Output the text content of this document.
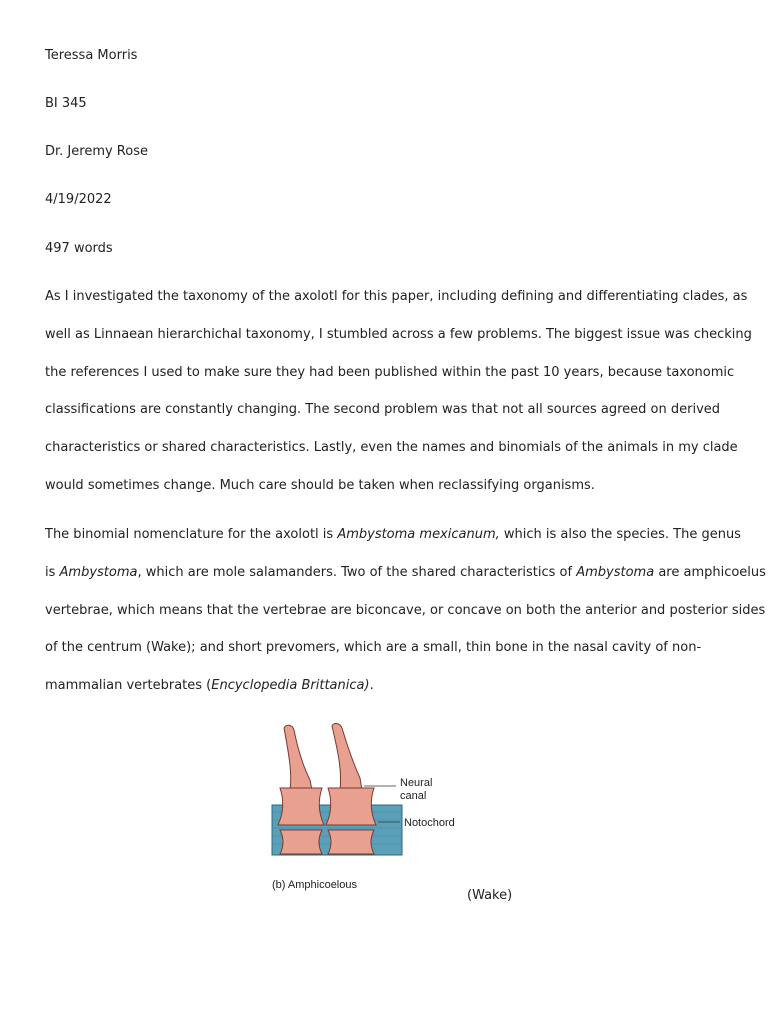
Teressa Morris
BI 345
Dr. Jeremy Rose
4/19/2022
497 words
As I investigated the taxonomy of the axolotl for this paper, including defining and differentiating clades, as
well as Linnaean hierarchichal taxonomy, I stumbled across a few problems. The biggest issue was checking
the references I used to make sure they had been published within the past 10 years, because taxonomic
classifications are constantly changing. The second problem was that not all sources agreed on derived
characteristics or shared characteristics. Lastly, even the names and binomials of the animals in my clade
would sometimes change. Much care should be taken when reclassifying organisms.
The binomial nomenclature for the axolotl is Ambystoma mexicanum, which is also the species. The genus
is Ambystoma, which are mole salamanders. Two of the shared characteristics of Ambystoma are amphicoelus
vertebrae, which means that the vertebrae are biconcave, or concave on both the anterior and posterior sides
of the centrum (Wake); and short prevomers, which are a small, thin bone in the nasal cavity of non-
mammalian vertebrates (Encyclopedia Brittanica).
Neural
canal
Notochord
(b) Amphicoelous
(Wake)
